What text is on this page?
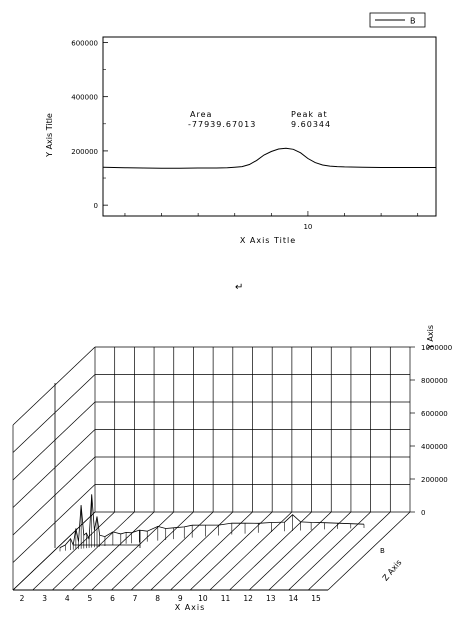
0
200000
400000
600000
10
X Axis Title
Y Axis Title
B
Area
-77939.67013
Peak at
9.60344
↵
2 3 4 5 6 7 8 9 10 11 12 13 14 15
0
200000
400000
600000
800000
1000000
X Axis
Y Axis
Z Axis
B
